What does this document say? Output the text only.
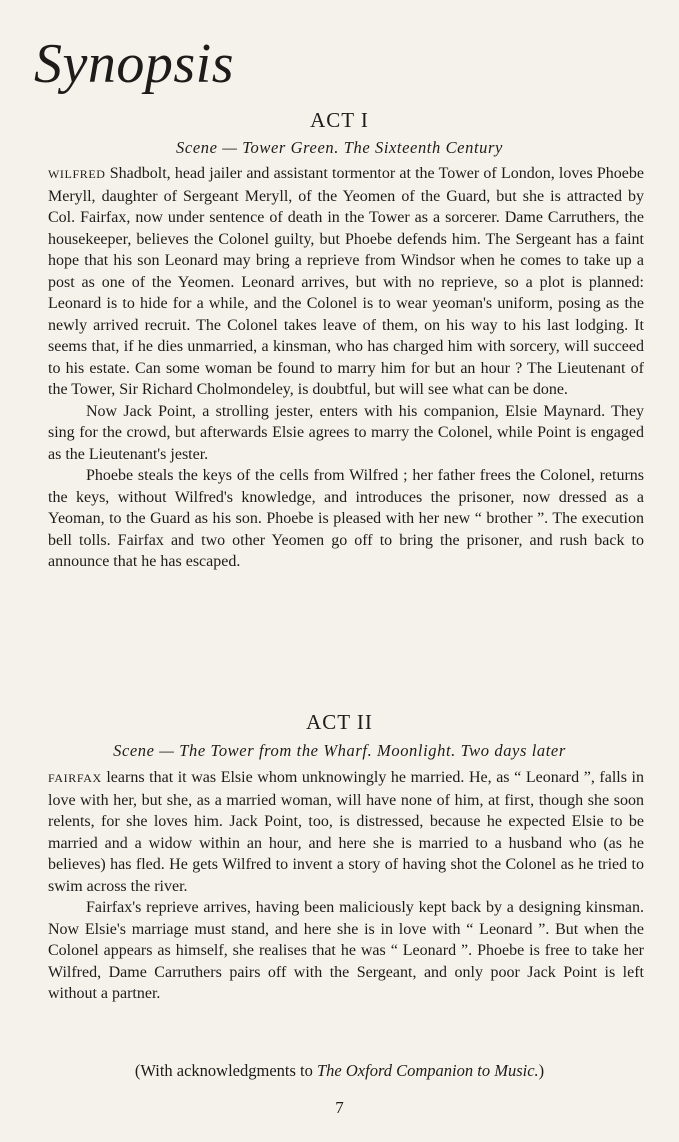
Synopsis
ACT I

Scene — Tower Green. The Sixteenth Century

WILFRED Shadbolt, head jailer and assistant tormentor at the Tower of London, loves Phoebe Meryll, daughter of Sergeant Meryll, of the Yeomen of the Guard, but she is attracted by Col. Fairfax, now under sentence of death in the Tower as a sorcerer. Dame Carruthers, the housekeeper, believes the Colonel guilty, but Phoebe defends him. The Sergeant has a faint hope that his son Leonard may bring a reprieve from Windsor when he comes to take up a post as one of the Yeomen. Leonard arrives, but with no reprieve, so a plot is planned: Leonard is to hide for a while, and the Colonel is to wear yeoman's uniform, posing as the newly arrived recruit. The Colonel takes leave of them, on his way to his last lodging. It seems that, if he dies unmarried, a kinsman, who has charged him with sorcery, will succeed to his estate. Can some woman be found to marry him for but an hour ? The Lieutenant of the Tower, Sir Richard Cholmondeley, is doubtful, but will see what can be done.

Now Jack Point, a strolling jester, enters with his companion, Elsie Maynard. They sing for the crowd, but afterwards Elsie agrees to marry the Colonel, while Point is engaged as the Lieutenant's jester.

Phoebe steals the keys of the cells from Wilfred ; her father frees the Colonel, returns the keys, without Wilfred's knowledge, and introduces the prisoner, now dressed as a Yeoman, to the Guard as his son. Phoebe is pleased with her new “ brother ”. The execution bell tolls. Fairfax and two other Yeomen go off to bring the prisoner, and rush back to announce that he has escaped.

ACT II

Scene — The Tower from the Wharf. Moonlight. Two days later

FAIRFAX learns that it was Elsie whom unknowingly he married. He, as “ Leonard ”, falls in love with her, but she, as a married woman, will have none of him, at first, though she soon relents, for she loves him. Jack Point, too, is distressed, because he expected Elsie to be married and a widow within an hour, and here she is married to a husband who (as he believes) has fled. He gets Wilfred to invent a story of having shot the Colonel as he tried to swim across the river.

Fairfax's reprieve arrives, having been maliciously kept back by a designing kinsman. Now Elsie's marriage must stand, and here she is in love with “ Leonard ”. But when the Colonel appears as himself, she realises that he was “ Leonard ”. Phoebe is free to take her Wilfred, Dame Carruthers pairs off with the Sergeant, and only poor Jack Point is left without a partner.

(With acknowledgments to The Oxford Companion to Music.)

7
